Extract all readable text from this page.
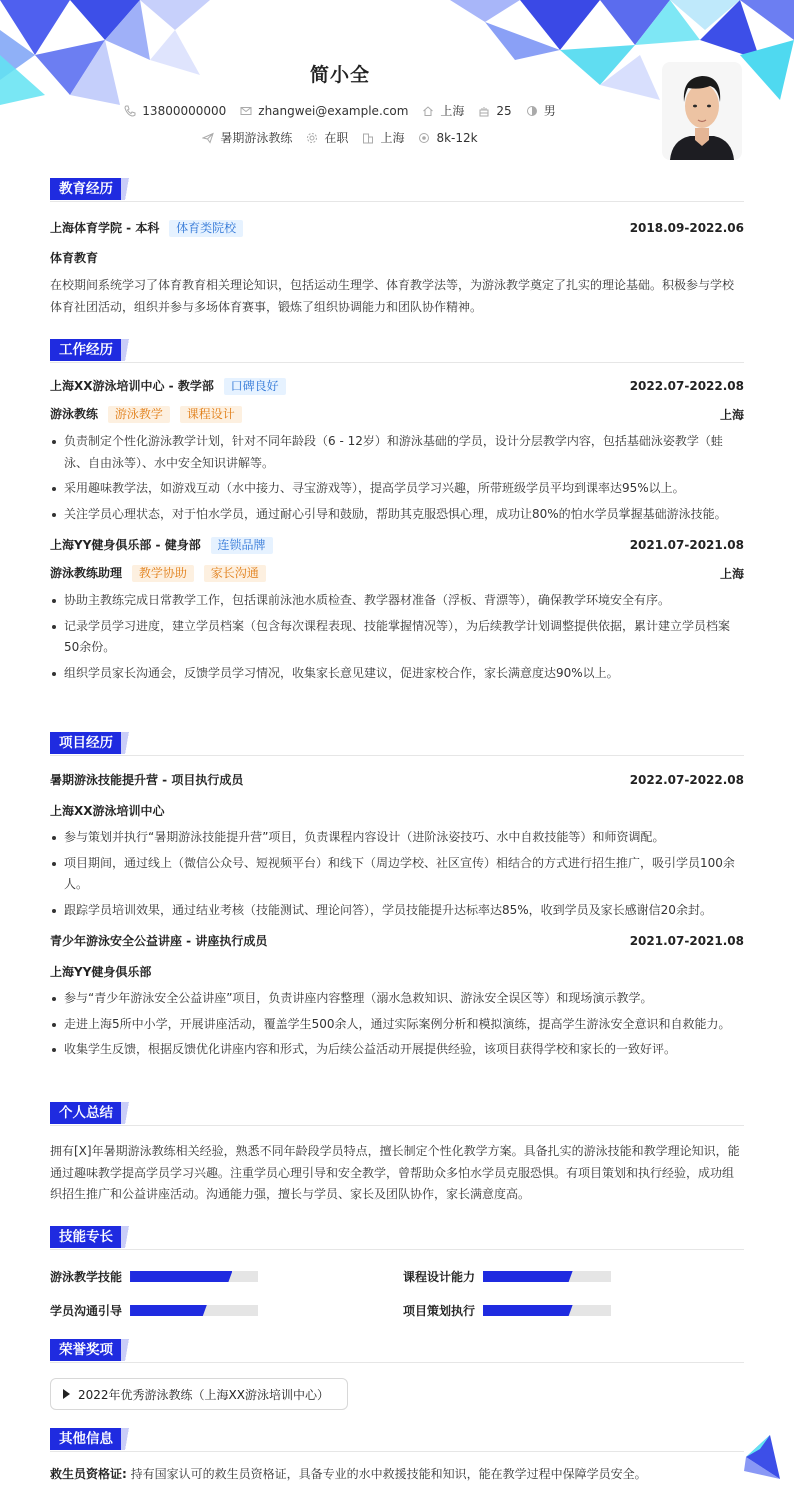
简小全
13800000000	zhangwei@example.com	上海	25	男
暑期游泳教练	在职	上海	8k-12k
教育经历
上海体育学院 - 本科 体育类院校	2018.09-2022.06
体育教育
在校期间系统学习了体育教育相关理论知识，包括运动生理学、体育教学法等，为游泳教学奠定了扎实的理论基础。积极参与学校体育社团活动，组织并参与多场体育赛事，锻炼了组织协调能力和团队协作精神。
工作经历
上海XX游泳培训中心 - 教学部 口碑良好	2022.07-2022.08
游泳教练 游泳教学 课程设计	上海
负责制定个性化游泳教学计划，针对不同年龄段（6 - 12岁）和游泳基础的学员，设计分层教学内容，包括基础泳姿教学（蛙泳、自由泳等）、水中安全知识讲解等。
采用趣味教学法，如游戏互动（水中接力、寻宝游戏等），提高学员学习兴趣，所带班级学员平均到课率达95%以上。
关注学员心理状态，对于怕水学员，通过耐心引导和鼓励，帮助其克服恐惧心理，成功让80%的怕水学员掌握基础游泳技能。
上海YY健身俱乐部 - 健身部 连锁品牌	2021.07-2021.08
游泳教练助理 教学协助 家长沟通	上海
协助主教练完成日常教学工作，包括课前泳池水质检查、教学器材准备（浮板、背漂等），确保教学环境安全有序。
记录学员学习进度，建立学员档案（包含每次课程表现、技能掌握情况等），为后续教学计划调整提供依据，累计建立学员档案50余份。
组织学员家长沟通会，反馈学员学习情况，收集家长意见建议，促进家校合作，家长满意度达90%以上。
项目经历
暑期游泳技能提升营 - 项目执行成员	2022.07-2022.08
上海XX游泳培训中心
参与策划并执行“暑期游泳技能提升营”项目，负责课程内容设计（进阶泳姿技巧、水中自救技能等）和师资调配。
项目期间，通过线上（微信公众号、短视频平台）和线下（周边学校、社区宣传）相结合的方式进行招生推广，吸引学员100余人。
跟踪学员培训效果，通过结业考核（技能测试、理论问答），学员技能提升达标率达85%，收到学员及家长感谢信20余封。
青少年游泳安全公益讲座 - 讲座执行成员	2021.07-2021.08
上海YY健身俱乐部
参与“青少年游泳安全公益讲座”项目，负责讲座内容整理（溺水急救知识、游泳安全误区等）和现场演示教学。
走进上海5所中小学，开展讲座活动，覆盖学生500余人，通过实际案例分析和模拟演练，提高学生游泳安全意识和自救能力。
收集学生反馈，根据反馈优化讲座内容和形式，为后续公益活动开展提供经验，该项目获得学校和家长的一致好评。
个人总结
拥有[X]年暑期游泳教练相关经验，熟悉不同年龄段学员特点，擅长制定个性化教学方案。具备扎实的游泳技能和教学理论知识，能通过趣味教学提高学员学习兴趣。注重学员心理引导和安全教学，曾帮助众多怕水学员克服恐惧。有项目策划和执行经验，成功组织招生推广和公益讲座活动。沟通能力强，擅长与学员、家长及团队协作，家长满意度高。
技能专长
游泳教学技能	课程设计能力
学员沟通引导	项目策划执行
荣誉奖项
2022年优秀游泳教练（上海XX游泳培训中心）
其他信息
救生员资格证: 持有国家认可的救生员资格证，具备专业的水中救援技能和知识，能在教学过程中保障学员安全。
